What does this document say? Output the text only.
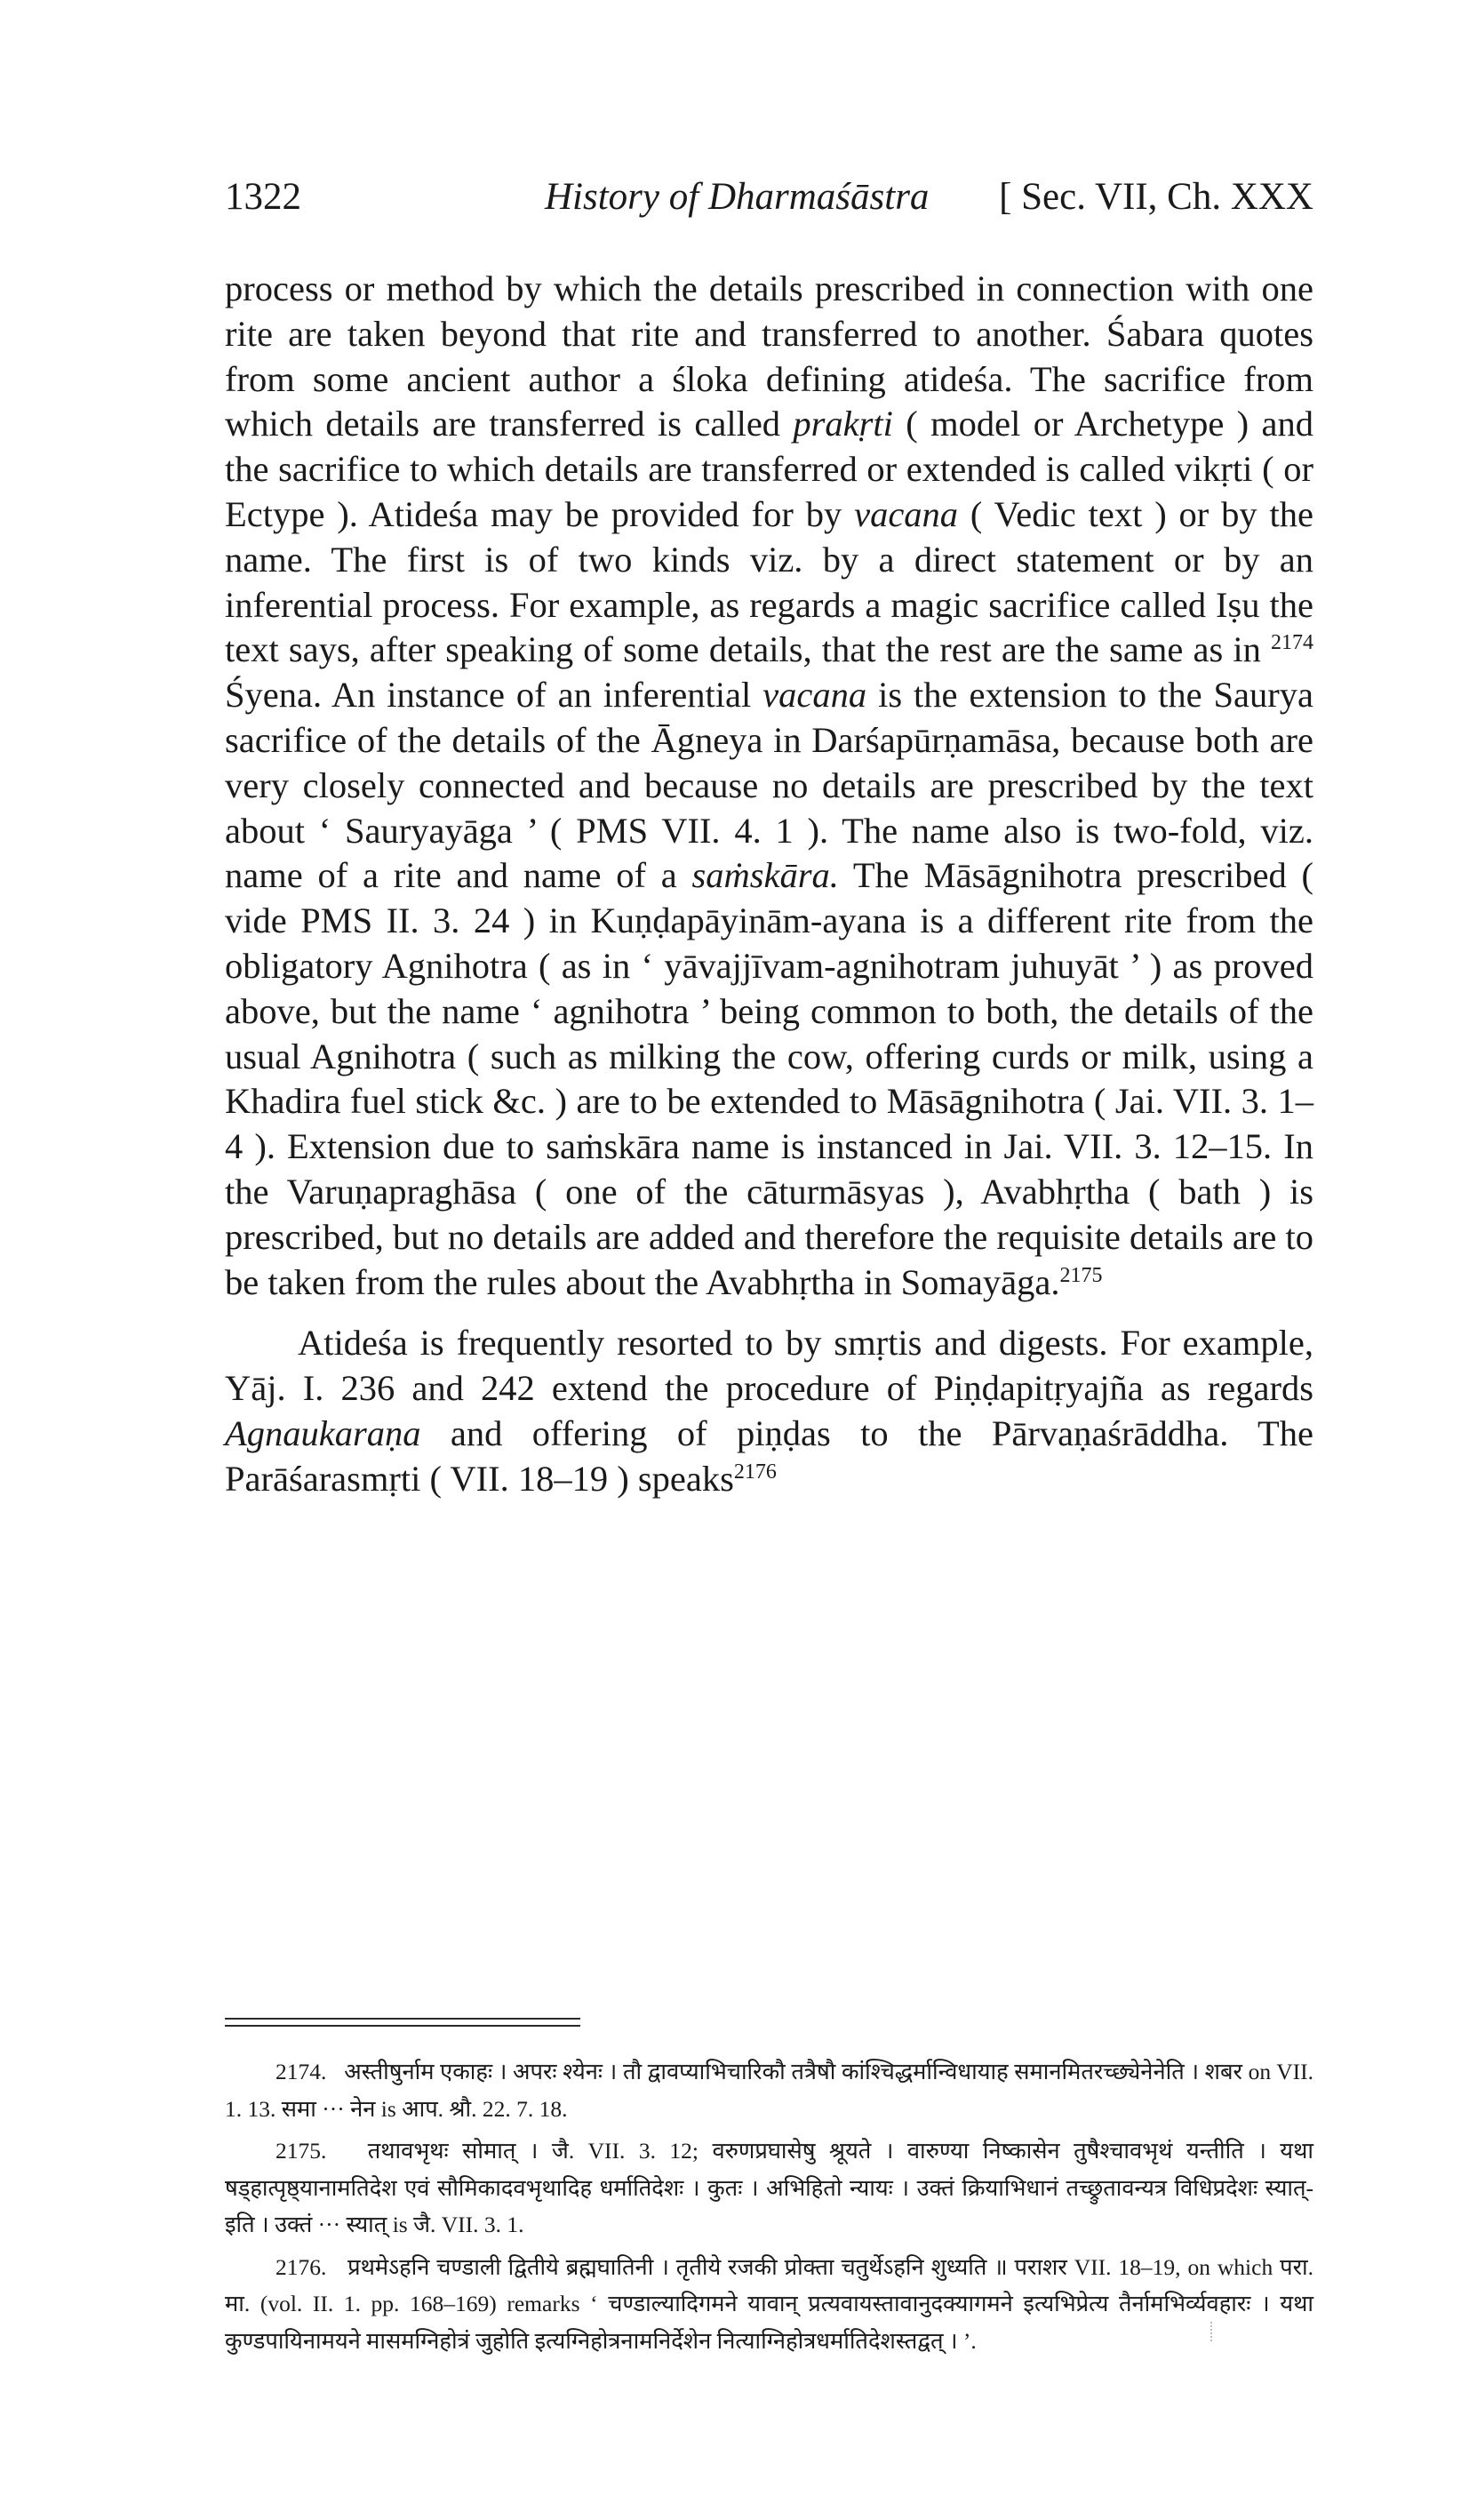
1322	History of Dharmaśāstra [ Sec. VII, Ch. XXX

process or method by which the details prescribed in connection with one rite are taken beyond that rite and transferred to another. Śabara quotes from some ancient author a śloka defining atideśa. The sacrifice from which details are transferred is called prakṛti ( model or Archetype ) and the sacrifice to which details are transferred or extended is called vikṛti ( or Ectype ). Atideśa may be provided for by vacana ( Vedic text ) or by the name. The first is of two kinds viz. by a direct statement or by an inferential process. For example, as regards a magic sacrifice called Iṣu the text says, after speaking of some details, that the rest are the same as in $^{2174}$ Śyena. An instance of an inferential vacana is the extension to the Saurya sacrifice of the details of the Āgneya in Darśapūrṇamāsa, because both are very closely connected and because no details are prescribed by the text about ‘ Sauryayāga ’ ( PMS VII. 4. 1 ). The name also is two-fold, viz. name of a rite and name of a saṁskāra. The Māsāgnihotra prescribed ( vide PMS II. 3. 24 ) in Kuṇḍapāyinām-ayana is a different rite from the obligatory Agnihotra ( as in ‘ yāvajjīvam-agnihotram juhuyāt ’ ) as proved above, but the name ‘ agnihotra ’ being common to both, the details of the usual Agnihotra ( such as milking the cow, offering curds or milk, using a Khadira fuel stick &c. ) are to be extended to Māsāgnihotra ( Jai. VII. 3. 1–4 ). Extension due to saṁskāra name is instanced in Jai. VII. 3. 12–15. In the Varuṇapraghāsa ( one of the cāturmāsyas ), Avabhṛtha ( bath ) is prescribed, but no details are added and therefore the requisite details are to be taken from the rules about the Avabhṛtha in Somayāga.$^{2175}$

Atideśa is frequently resorted to by smṛtis and digests. For example, Yāj. I. 236 and 242 extend the procedure of Piṇḍapitṛyajña as regards Agnaukaraṇa and offering of piṇḍas to the Pārvaṇaśrāddha. The Parāśarasmṛti ( VII. 18–19 ) speaks$^{2176}$

2174. अस्तीषुर्नाम एकाहः । अपरः श्येनः । तौ द्वावप्याभिचारिकौ तत्रैषौ कांश्चिद्धर्मान्विधायाह समानमितरच्छ्येनेनेति । शबर on VII. 1. 13. समा ··· नेन is आप. श्रौ. 22. 7. 18.

2175. तथावभृथः सोमात् । जै. VII. 3. 12; वरुणप्रघासेषु श्रूयते । वारुण्या निष्कासेन तुषैश्चावभृथं यन्तीति । यथा षड्हात्पृष्ठ्यानामतिदेश एवं सौमिकादवभृथादिह धर्मातिदेशः । कुतः । अभिहितो न्यायः । उक्तं क्रियाभिधानं तच्छ्रुतावन्यत्र विधिप्रदेशः स्यात्-इति । उक्तं ··· स्यात् is जै. VII. 3. 1.

2176. प्रथमेऽहनि चण्डाली द्वितीये ब्रह्मघातिनी । तृतीये रजकी प्रोक्ता चतुर्थेऽहनि शुध्यति ॥ पराशर VII. 18–19, on which परा. मा. (vol. II. 1. pp. 168–169) remarks ‘ चण्डाल्यादिगमने यावान् प्रत्यवायस्तावानुदक्यागमने इत्यभिप्रेत्य तैर्नामभिर्व्यवहारः । यथा कुण्डपायिनामयने मासमग्निहोत्रं जुहोति इत्यग्निहोत्रनामनिर्देशेन नित्याग्निहोत्रधर्मातिदेशस्तद्वत् । ’.
